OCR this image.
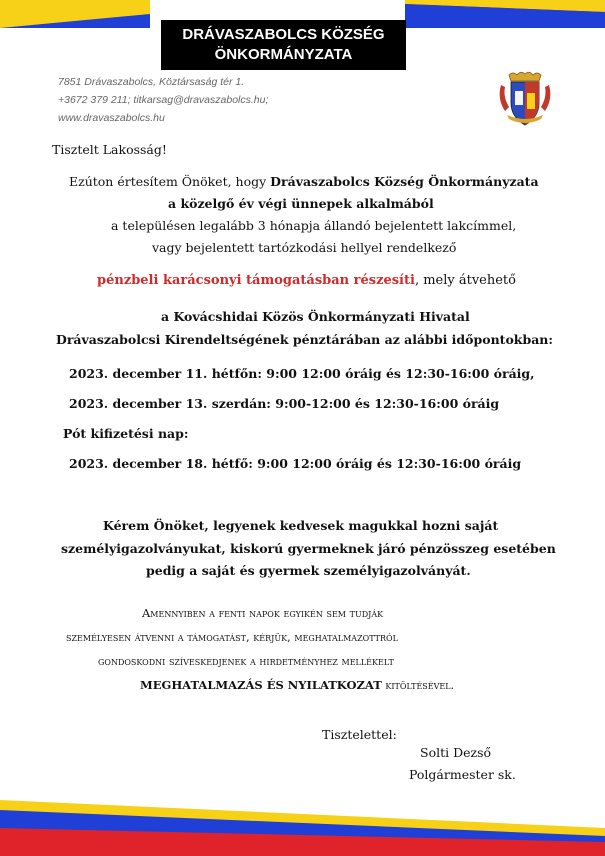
DRÁVASZABOLCS KÖZSÉG
ÖNKORMÁNYZATA
7851 Drávaszabolcs, Köztársaság tér 1.
+3672 379 211; titkarsag@dravaszabolcs.hu;
www.dravaszabolcs.hu
Tisztelt Lakosság!
Ezúton értesítem Önöket, hogy Drávaszabolcs Község Önkormányzata
a közelgő év végi ünnepek alkalmából
a településen legalább 3 hónapja állandó bejelentett lakcímmel,
vagy bejelentett tartózkodási hellyel rendelkező
pénzbeli karácsonyi támogatásban részesíti, mely átvehető
a Kovácshidai Közös Önkormányzati Hivatal
Drávaszabolcsi Kirendeltségének pénztárában az alábbi időpontokban:
2023. december 11. hétfőn: 9:00 12:00 óráig és 12:30-16:00 óráig,
2023. december 13. szerdán: 9:00-12:00 és 12:30-16:00 óráig
Pót kifizetési nap:
2023. december 18. hétfő: 9:00 12:00 óráig és 12:30-16:00 óráig
Kérem Önöket, legyenek kedvesek magukkal hozni saját
személyigazolványukat, kiskorú gyermeknek járó pénzösszeg esetében
pedig a saját és gyermek személyigazolványát.
Amennyiben a fenti napok egyikén sem tudják
személyesen átvenni a támogatást, kérjük, meghatalmazottról
gondoskodni szíveskedjenek a hirdetményhez mellékelt
MEGHATALMAZÁS ÉS NYILATKOZAT kitöltésével.
Tisztelettel:
Solti Dezső
Polgármester sk.
